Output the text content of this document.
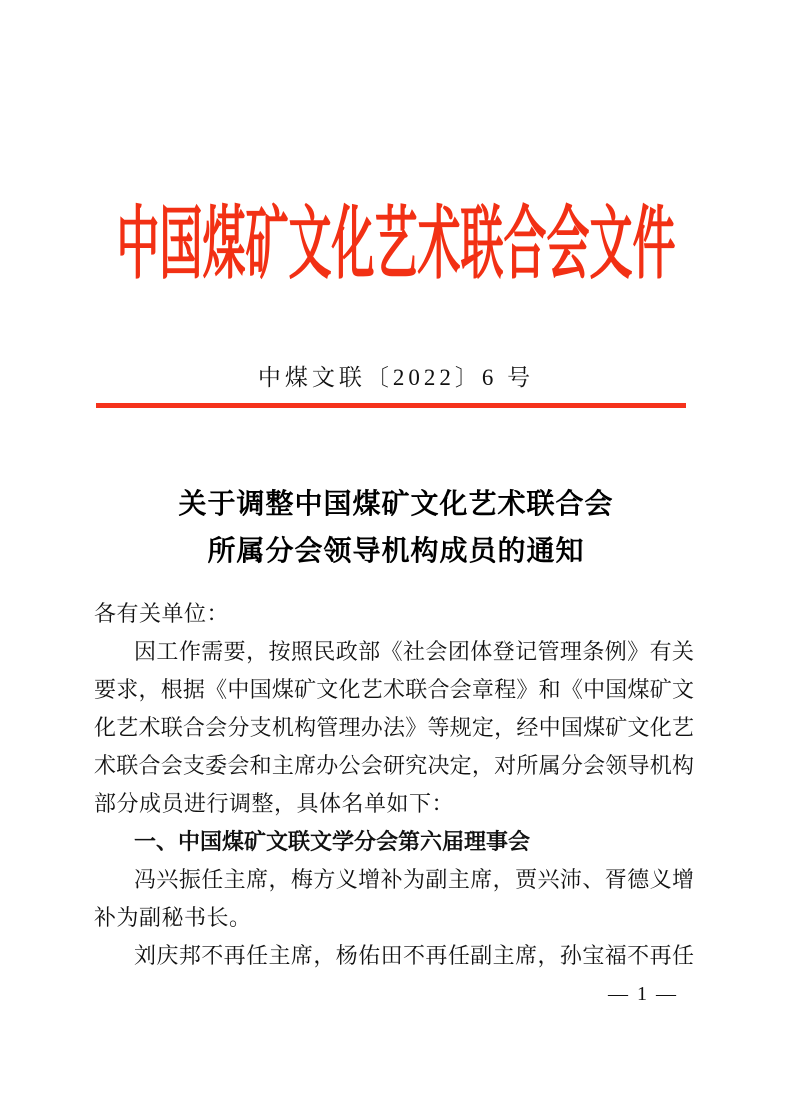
中国煤矿文化艺术联合会文件
中煤文联〔2022〕6 号
关于调整中国煤矿文化艺术联合会
所属分会领导机构成员的通知
各有关单位：
因工作需要，按照民政部《社会团体登记管理条例》有关
要求，根据《中国煤矿文化艺术联合会章程》和《中国煤矿文
化艺术联合会分支机构管理办法》等规定，经中国煤矿文化艺
术联合会支委会和主席办公会研究决定，对所属分会领导机构
部分成员进行调整，具体名单如下：
一、中国煤矿文联文学分会第六届理事会
冯兴振任主席，梅方义增补为副主席，贾兴沛、胥德义增
补为副秘书长。
刘庆邦不再任主席，杨佑田不再任副主席，孙宝福不再任
— 1 —
